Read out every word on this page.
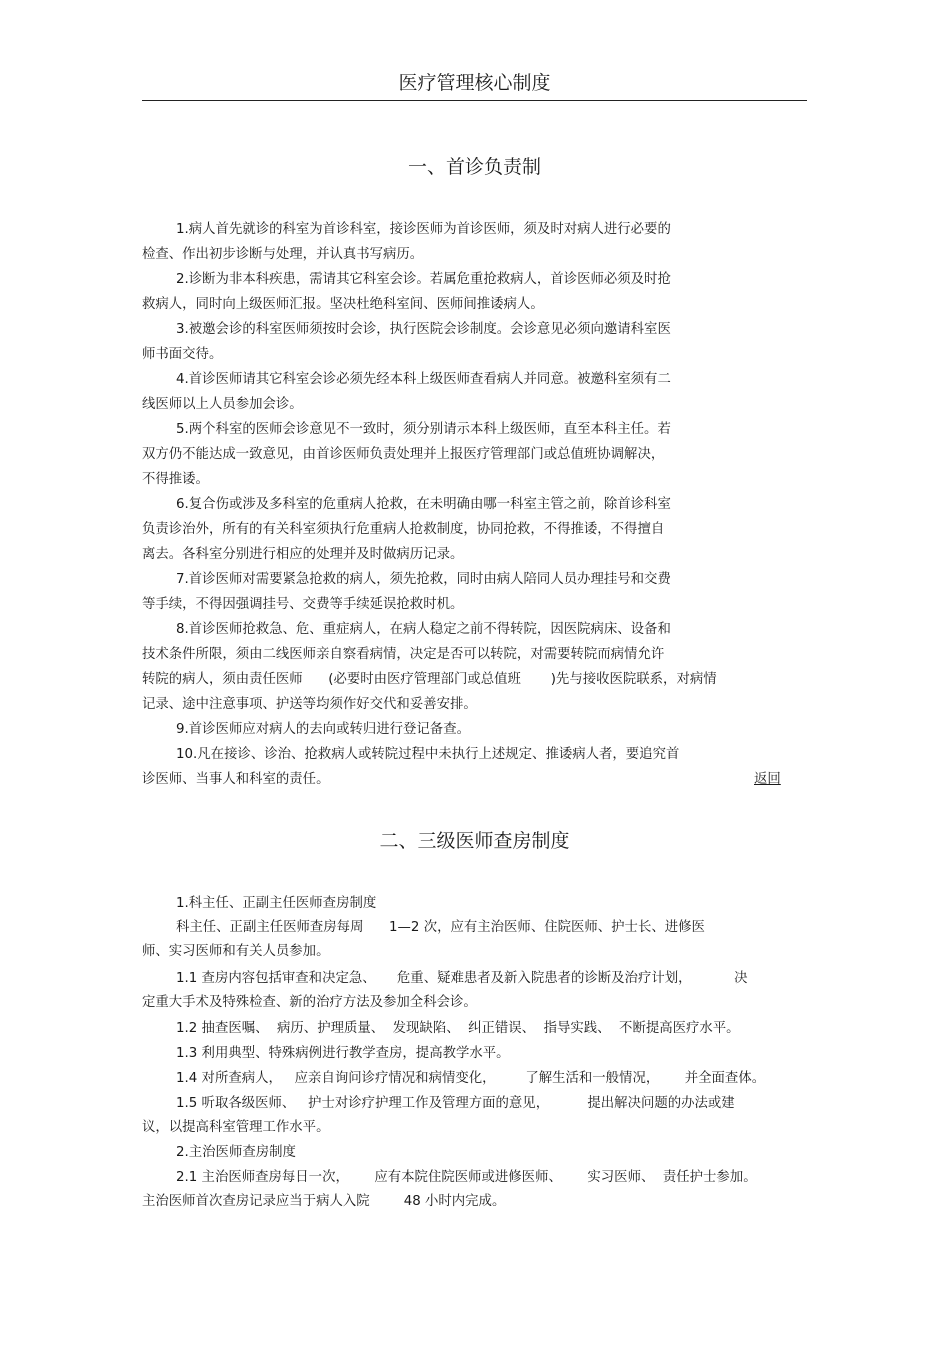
医疗管理核心制度
一、首诊负责制
1.病人首先就诊的科室为首诊科室，接诊医师为首诊医师，须及时对病人进行必要的
检查、作出初步诊断与处理，并认真书写病历。
2.诊断为非本科疾患，需请其它科室会诊。若属危重抢救病人，首诊医师必须及时抢
救病人，同时向上级医师汇报。坚决杜绝科室间、医师间推诿病人。
3.被邀会诊的科室医师须按时会诊，执行医院会诊制度。会诊意见必须向邀请科室医
师书面交待。
4.首诊医师请其它科室会诊必须先经本科上级医师查看病人并同意。被邀科室须有二
线医师以上人员参加会诊。
5.两个科室的医师会诊意见不一致时，须分别请示本科上级医师，直至本科主任。若
双方仍不能达成一致意见，由首诊医师负责处理并上报医疗管理部门或总值班协调解决，
不得推诿。
6.复合伤或涉及多科室的危重病人抢救，在未明确由哪一科室主管之前，除首诊科室
负责诊治外，所有的有关科室须执行危重病人抢救制度，协同抢救，不得推诿，不得擅自
离去。各科室分别进行相应的处理并及时做病历记录。
7.首诊医师对需要紧急抢救的病人，须先抢救，同时由病人陪同人员办理挂号和交费
等手续，不得因强调挂号、交费等手续延误抢救时机。
8.首诊医师抢救急、危、重症病人，在病人稳定之前不得转院，因医院病床、设备和
技术条件所限，须由二线医师亲自察看病情，决定是否可以转院，对需要转院而病情允许
转院的病人，须由责任医师      (必要时由医疗管理部门或总值班       )先与接收医院联系，对病情
记录、途中注意事项、护送等均须作好交代和妥善安排。
9.首诊医师应对病人的去向或转归进行登记备查。
10.凡在接诊、诊治、抢救病人或转院过程中未执行上述规定、推诿病人者，要追究首
诊医师、当事人和科室的责任。	返回
二、三级医师查房制度
1.科主任、正副主任医师查房制度
科主任、正副主任医师查房每周      1—2 次，应有主治医师、住院医师、护士长、进修医
师、实习医师和有关人员参加。
1.1 查房内容包括审查和决定急、     危重、疑难患者及新入院患者的诊断及治疗计划，          决
定重大手术及特殊检查、新的治疗方法及参加全科会诊。
1.2 抽查医嘱、  病历、护理质量、  发现缺陷、  纠正错误、  指导实践、  不断提高医疗水平。
1.3 利用典型、特殊病例进行教学查房，提高教学水平。
1.4 对所查病人，   应亲自询问诊疗情况和病情变化，       了解生活和一般情况，      并全面查体。
1.5 听取各级医师、   护士对诊疗护理工作及管理方面的意见，         提出解决问题的办法或建
议，以提高科室管理工作水平。
2.主治医师查房制度
2.1 主治医师查房每日一次，      应有本院住院医师或进修医师、      实习医师、  责任护士参加。
主治医师首次查房记录应当于病人入院        48 小时内完成。
